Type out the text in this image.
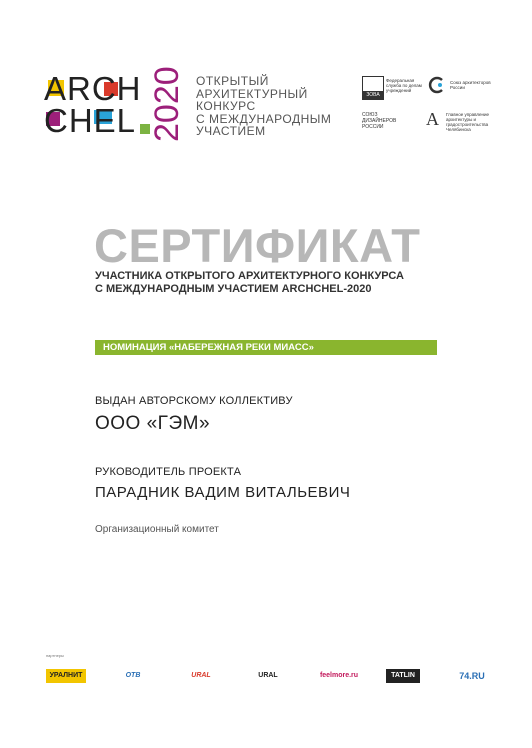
ARCH
CHEL 2020 ОТКРЫТЫЙ
АРХИТЕКТУРНЫЙ
КОНКУРС
С МЕЖДУНАРОДНЫМ
УЧАСТИЕМ
ЗОВА
Федеральная служба по делам учреждений
Союз архитекторов России
СОЮЗ ДИЗАЙНЕРОВ РОССИИ	А	Главное управление архитектуры и градостроительства Челябинска
СЕРТИФИКАТ
УЧАСТНИКА ОТКРЫТОГО АРХИТЕКТУРНОГО КОНКУРСА
С МЕЖДУНАРОДНЫМ УЧАСТИЕМ ARCHCHEL-2020
НОМИНАЦИЯ «НАБЕРЕЖНАЯ РЕКИ МИАСС»
ВЫДАН АВТОРСКОМУ КОЛЛЕКТИВУ
ООО «ГЭМ»
РУКОВОДИТЕЛЬ ПРОЕКТА
ПАРАДНИК ВАДИМ ВИТАЛЬЕВИЧ
Организационный комитет
партнеры
УРАЛНИТ	ОТВ	URAL	URAL	feelmore.ru	TATLIN	74.RU
